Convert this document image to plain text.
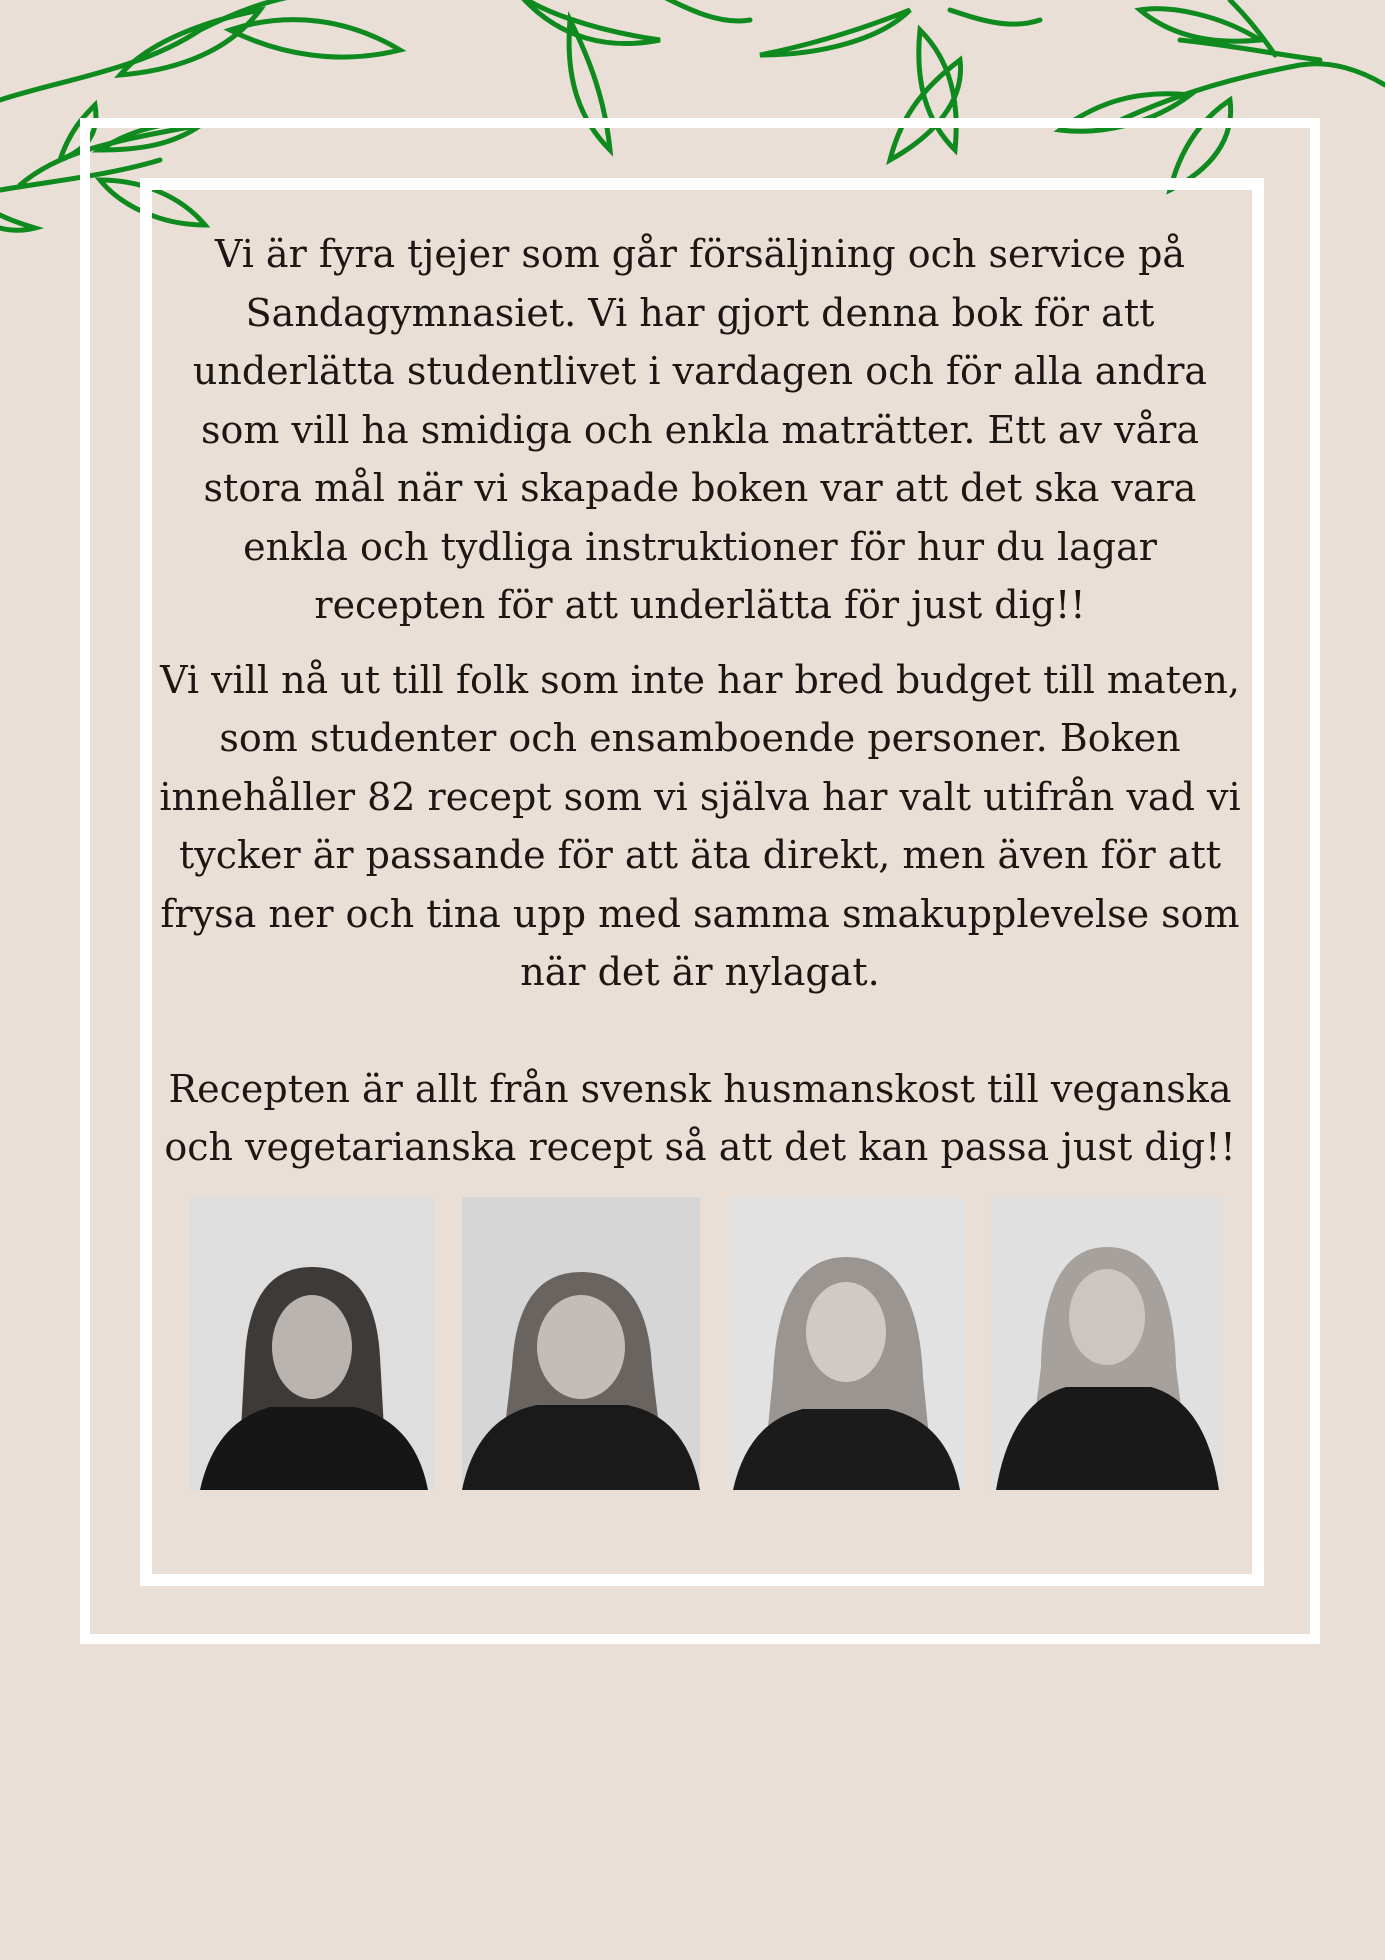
Vi är fyra tjejer som går försäljning och service på Sandagymnasiet. Vi har gjort denna bok för att underlätta studentlivet i vardagen och för alla andra som vill ha smidiga och enkla maträtter. Ett av våra stora mål när vi skapade boken var att det ska vara enkla och tydliga instruktioner för hur du lagar recepten för att underlätta för just dig!!

Vi vill nå ut till folk som inte har bred budget till maten, som studenter och ensamboende personer. Boken innehåller 82 recept som vi själva har valt utifrån vad vi tycker är passande för att äta direkt, men även för att frysa ner och tina upp med samma smakupplevelse som när det är nylagat.

Recepten är allt från svensk husmanskost till veganska och vegetarianska recept så att det kan passa just dig!!
